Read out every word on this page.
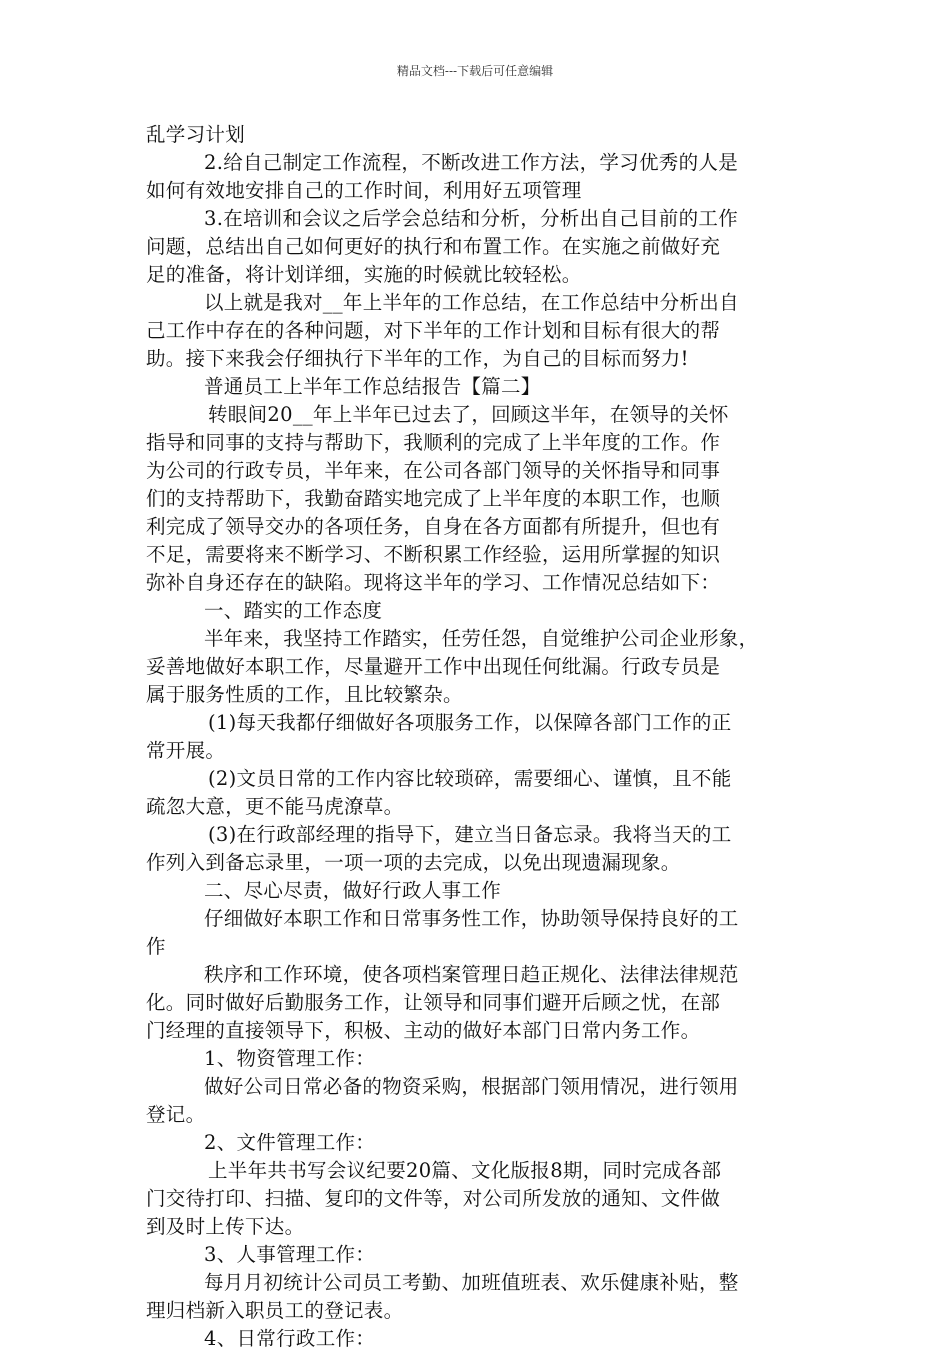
精品文档---下载后可任意编辑
乱学习计划
2.给自己制定工作流程，不断改进工作方法，学习优秀的人是
如何有效地安排自己的工作时间，利用好五项管理
3.在培训和会议之后学会总结和分析，分析出自己目前的工作
问题，总结出自己如何更好的执行和布置工作。在实施之前做好充
足的准备，将计划详细，实施的时候就比较轻松。
以上就是我对__年上半年的工作总结，在工作总结中分析出自
己工作中存在的各种问题，对下半年的工作计划和目标有很大的帮
助。接下来我会仔细执行下半年的工作，为自己的目标而努力!
普通员工上半年工作总结报告【篇二】
转眼间20__年上半年已过去了，回顾这半年，在领导的关怀
指导和同事的支持与帮助下，我顺利的完成了上半年度的工作。作
为公司的行政专员，半年来，在公司各部门领导的关怀指导和同事
们的支持帮助下，我勤奋踏实地完成了上半年度的本职工作，也顺
利完成了领导交办的各项任务，自身在各方面都有所提升，但也有
不足，需要将来不断学习、不断积累工作经验，运用所掌握的知识
弥补自身还存在的缺陷。现将这半年的学习、工作情况总结如下：
一、踏实的工作态度
半年来，我坚持工作踏实，任劳任怨，自觉维护公司企业形象，
妥善地做好本职工作，尽量避开工作中出现任何纰漏。行政专员是
属于服务性质的工作，且比较繁杂。
(1)每天我都仔细做好各项服务工作，以保障各部门工作的正
常开展。
(2)文员日常的工作内容比较琐碎，需要细心、谨慎，且不能
疏忽大意，更不能马虎潦草。
(3)在行政部经理的指导下，建立当日备忘录。我将当天的工
作列入到备忘录里，一项一项的去完成，以免出现遗漏现象。
二、尽心尽责，做好行政人事工作
仔细做好本职工作和日常事务性工作，协助领导保持良好的工
作
秩序和工作环境，使各项档案管理日趋正规化、法律法律规范
化。同时做好后勤服务工作，让领导和同事们避开后顾之忧，在部
门经理的直接领导下，积极、主动的做好本部门日常内务工作。
1、物资管理工作：
做好公司日常必备的物资采购，根据部门领用情况，进行领用
登记。
2、文件管理工作：
上半年共书写会议纪要20篇、文化版报8期，同时完成各部
门交待打印、扫描、复印的文件等，对公司所发放的通知、文件做
到及时上传下达。
3、人事管理工作：
每月月初统计公司员工考勤、加班值班表、欢乐健康补贴，整
理归档新入职员工的登记表。
4、日常行政工作：
